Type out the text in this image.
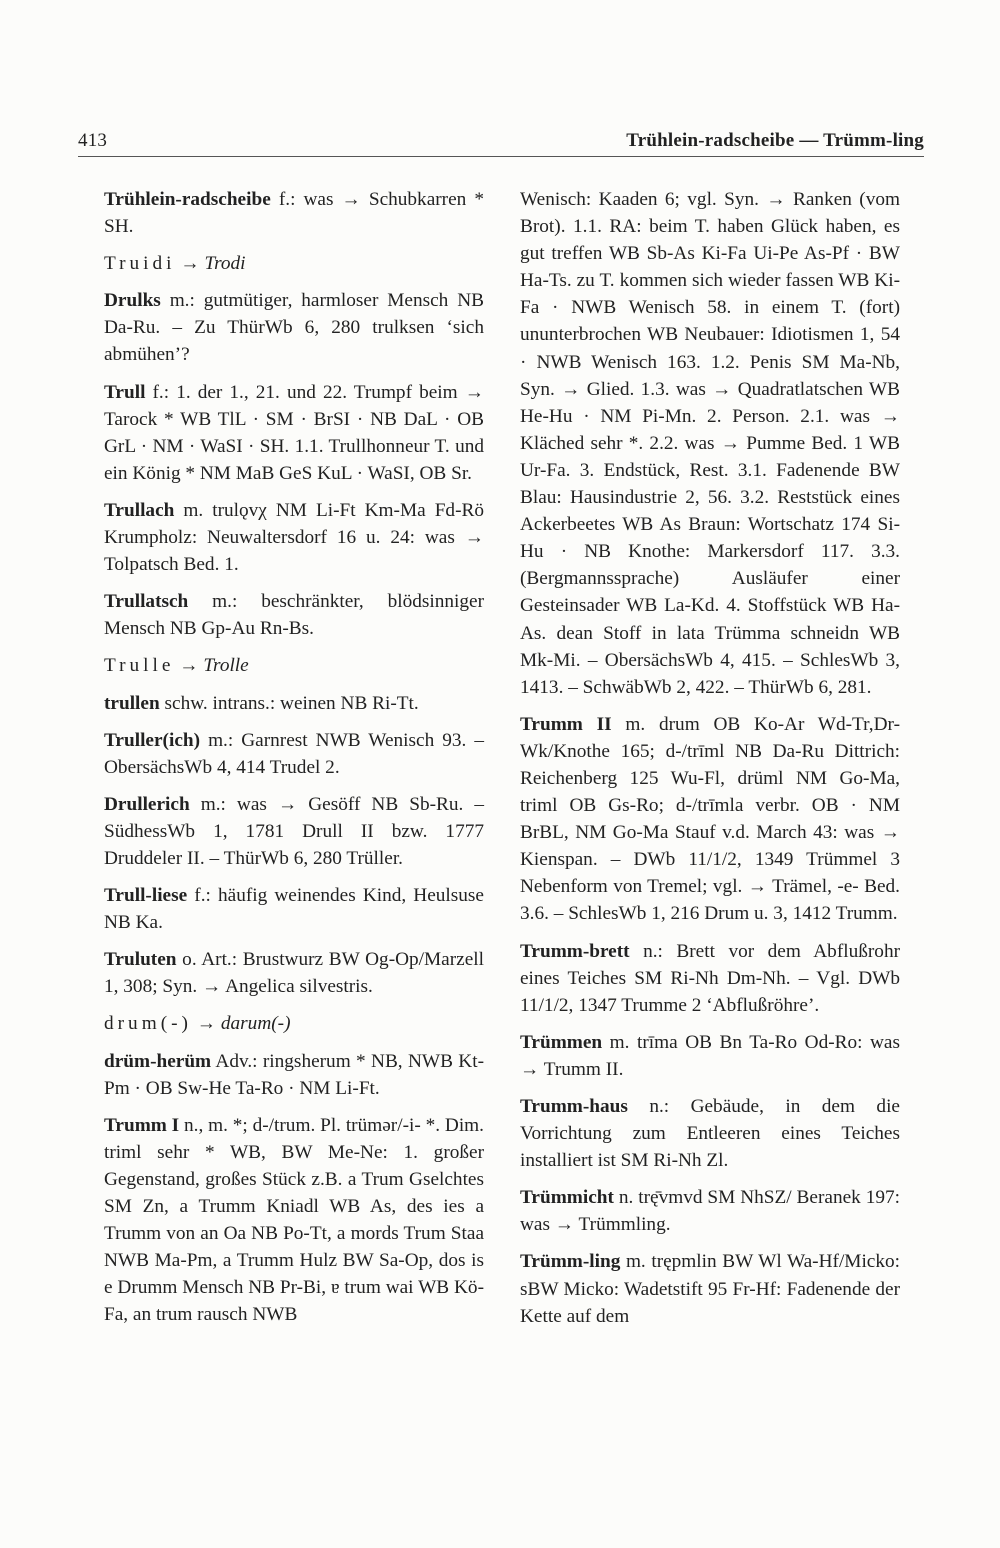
413	Trühlein-radscheibe — Trümm-ling

Trühlein-radscheibe f.: was → Schubkarren * SH.

Truidi → Trodi

Drulks m.: gutmütiger, harmloser Mensch NB Da-Ru. – Zu ThürWb 6, 280 trulksen ‘sich abmühen’?

Trull f.: 1. der 1., 21. und 22. Trumpf beim → Tarock * WB TlL · SM · BrSI · NB DaL · OB GrL · NM · WaSI · SH. 1.1. Trullhonneur T. und ein König * NM MaB GeS KuL · WaSI, OB Sr.

Trullach m. trulǫvχ NM Li-Ft Km-Ma Fd-Rö Krumpholz: Neuwaltersdorf 16 u. 24: was → Tolpatsch Bed. 1.

Trullatsch m.: beschränkter, blödsinniger Mensch NB Gp-Au Rn-Bs.

Trulle → Trolle

trullen schw. intrans.: weinen NB Ri-Tt.

Truller(ich) m.: Garnrest NWB Wenisch 93. – ObersächsWb 4, 414 Trudel 2.

Drullerich m.: was → Gesöff NB Sb-Ru. – SüdhessWb 1, 1781 Drull II bzw. 1777 Druddeler II. – ThürWb 6, 280 Trüller.

Trull-liese f.: häufig weinendes Kind, Heulsuse NB Ka.

Truluten o. Art.: Brustwurz BW Og-Op/Marzell 1, 308; Syn. → Angelica silvestris.

drum(-) → darum(-)

drüm-herüm Adv.: ringsherum * NB, NWB Kt-Pm · OB Sw-He Ta-Ro · NM Li-Ft.

Trumm I n., m. *; d-/trum. Pl. trümər/-i- *. Dim. triml sehr * WB, BW Me-Ne: 1. großer Gegenstand, großes Stück z.B. a Trum Gselchtes SM Zn, a Trumm Kniadl WB As, des ies a Trumm von an Oa NB Po-Tt, a mords Trum Staa NWB Ma-Pm, a Trumm Hulz BW Sa-Op, dos is e Drumm Mensch NB Pr-Bi, ɐ trum wai WB Kö-Fa, an trum rausch NWB

Wenisch: Kaaden 6; vgl. Syn. → Ranken (vom Brot). 1.1. RA: beim T. haben Glück haben, es gut treffen WB Sb-As Ki-Fa Ui-Pe As-Pf · BW Ha-Ts. zu T. kommen sich wieder fassen WB Ki-Fa · NWB Wenisch 58. in einem T. (fort) ununterbrochen WB Neubauer: Idiotismen 1, 54 · NWB Wenisch 163. 1.2. Penis SM Ma-Nb, Syn. → Glied. 1.3. was → Quadratlatschen WB He-Hu · NM Pi-Mn. 2. Person. 2.1. was → Kläched sehr *. 2.2. was → Pumme Bed. 1 WB Ur-Fa. 3. Endstück, Rest. 3.1. Fadenende BW Blau: Hausindustrie 2, 56. 3.2. Reststück eines Ackerbeetes WB As Braun: Wortschatz 174 Si-Hu · NB Knothe: Markersdorf 117. 3.3. (Bergmannssprache) Ausläufer einer Gesteinsader WB La-Kd. 4. Stoffstück WB Ha-As. dean Stoff in lata Trümma schneidn WB Mk-Mi. – ObersächsWb 4, 415. – SchlesWb 3, 1413. – SchwäbWb 2, 422. – ThürWb 6, 281.

Trumm II m. drum OB Ko-Ar Wd-Tr,Dr-Wk/Knothe 165; d-/trīml NB Da-Ru Dittrich: Reichenberg 125 Wu-Fl, drüml NM Go-Ma, triml OB Gs-Ro; d-/trīmla verbr. OB · NM BrBL, NM Go-Ma Stauf v.d. March 43: was → Kienspan. – DWb 11/1/2, 1349 Trümmel 3 Nebenform von Tremel; vgl. → Trämel, -e- Bed. 3.6. – SchlesWb 1, 216 Drum u. 3, 1412 Trumm.

Trumm-brett n.: Brett vor dem Abflußrohr eines Teiches SM Ri-Nh Dm-Nh. – Vgl. DWb 11/1/2, 1347 Trumme 2 ‘Abflußröhre’.

Trümmen m. trīma OB Bn Ta-Ro Od-Ro: was → Trumm II.

Trumm-haus n.: Gebäude, in dem die Vorrichtung zum Entleeren eines Teiches installiert ist SM Ri-Nh Zl.

Trümmicht n. trę̄vmvd SM NhSZ/ Beranek 197: was → Trümmling.

Trümm-ling m. trępmlin BW Wl Wa-Hf/Micko: sBW Micko: Wadetstift 95 Fr-Hf: Fadenende der Kette auf dem
